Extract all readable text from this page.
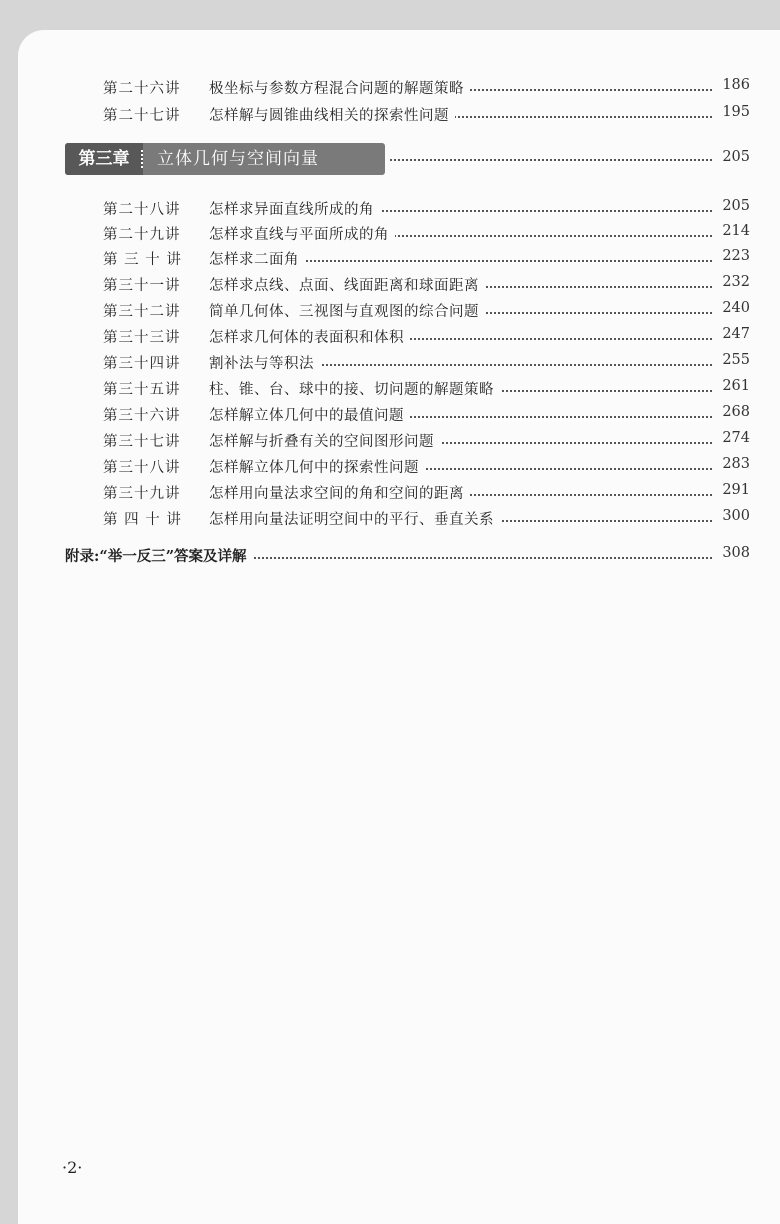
第二十六讲 极坐标与参数方程混合问题的解题策略	186
第二十七讲 怎样解与圆锥曲线相关的探索性问题	195
第三章	立体几何与空间向量	205
第二十八讲 怎样求异面直线所成的角	205
第二十九讲 怎样求直线与平面所成的角	214
第 三 十 讲 怎样求二面角	223
第三十一讲 怎样求点线、点面、线面距离和球面距离	232
第三十二讲 简单几何体、三视图与直观图的综合问题	240
第三十三讲 怎样求几何体的表面积和体积	247
第三十四讲 割补法与等积法	255
第三十五讲 柱、锥、台、球中的接、切问题的解题策略	261
第三十六讲 怎样解立体几何中的最值问题	268
第三十七讲 怎样解与折叠有关的空间图形问题	274
第三十八讲 怎样解立体几何中的探索性问题	283
第三十九讲 怎样用向量法求空间的角和空间的距离	291
第 四 十 讲 怎样用向量法证明空间中的平行、垂直关系	300
附录:“举一反三”答案及详解	308
·2·
